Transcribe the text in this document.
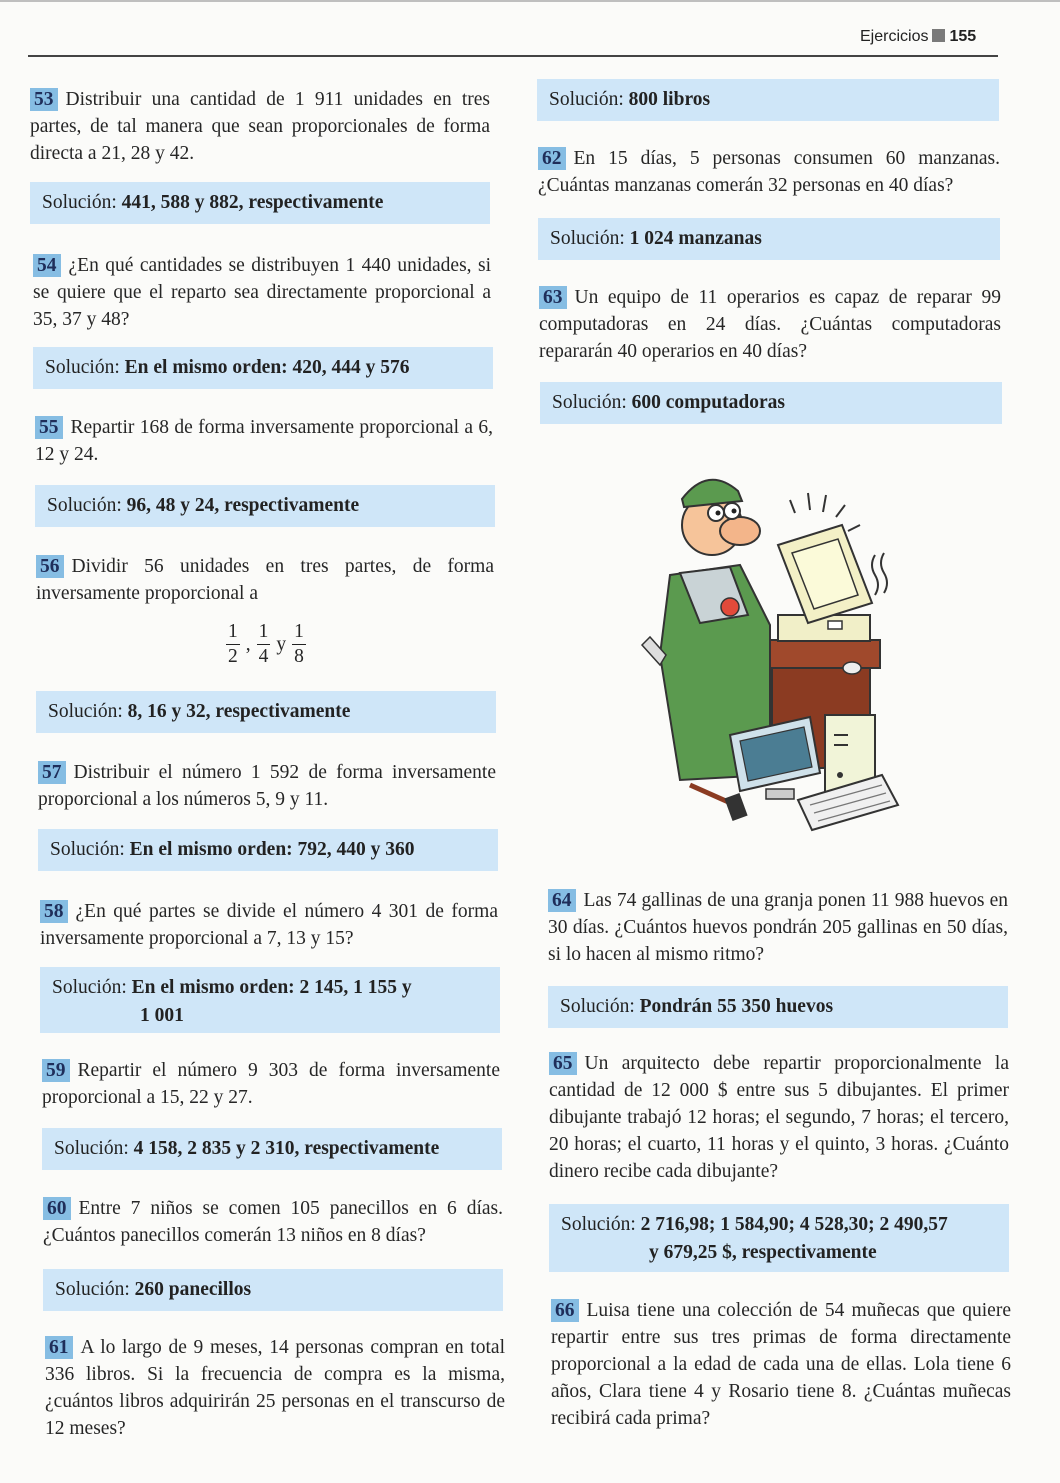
Ejercicios 155
53 Distribuir una cantidad de 1 911 unidades en tres partes, de tal manera que sean proporcionales de forma directa a 21, 28 y 42.
Solución: 441, 588 y 882, respectivamente
54 ¿En qué cantidades se distribuyen 1 440 unidades, si se quiere que el reparto sea directamente proporcional a 35, 37 y 48?
Solución: En el mismo orden: 420, 444 y 576
55 Repartir 168 de forma inversamente proporcional a 6, 12 y 24.
Solución: 96, 48 y 24, respectivamente
56 Dividir 56 unidades en tres partes, de forma inversamente proporcional a
1
2
,
1
4
y
1
8
Solución: 8, 16 y 32, respectivamente
57 Distribuir el número 1 592 de forma inversamente proporcional a los números 5, 9 y 11.
Solución: En el mismo orden: 792, 440 y 360
58 ¿En qué partes se divide el número 4 301 de forma inversamente proporcional a 7, 13 y 15?
Solución: En el mismo orden: 2 145, 1 155 y
1 001
59 Repartir el número 9 303 de forma inversamente proporcional a 15, 22 y 27.
Solución: 4 158, 2 835 y 2 310, respectivamente
60 Entre 7 niños se comen 105 panecillos en 6 días. ¿Cuántos panecillos comerán 13 niños en 8 días?
Solución: 260 panecillos
61 A lo largo de 9 meses, 14 personas compran en total 336 libros. Si la frecuencia de compra es la misma, ¿cuántos libros adquirirán 25 personas en el transcurso de 12 meses?
Solución: 800 libros
62 En 15 días, 5 personas consumen 60 manzanas. ¿Cuántas manzanas comerán 32 personas en 40 días?
Solución: 1 024 manzanas
63 Un equipo de 11 operarios es capaz de reparar 99 computadoras en 24 días. ¿Cuántas computadoras repararán 40 operarios en 40 días?
Solución: 600 computadoras
64 Las 74 gallinas de una granja ponen 11 988 huevos en 30 días. ¿Cuántos huevos pondrán 205 gallinas en 50 días, si lo hacen al mismo ritmo?
Solución: Pondrán 55 350 huevos
65 Un arquitecto debe repartir proporcionalmente la cantidad de 12 000 $ entre sus 5 dibujantes. El primer dibujante trabajó 12 horas; el segundo, 7 horas; el tercero, 20 horas; el cuarto, 11 horas y el quinto, 3 horas. ¿Cuánto dinero recibe cada dibujante?
Solución: 2 716,98; 1 584,90; 4 528,30; 2 490,57
y 679,25 $, respectivamente
66 Luisa tiene una colección de 54 muñecas que quiere repartir entre sus tres primas de forma directamente proporcional a la edad de cada una de ellas. Lola tiene 6 años, Clara tiene 4 y Rosario tiene 8. ¿Cuántas muñecas recibirá cada prima?
